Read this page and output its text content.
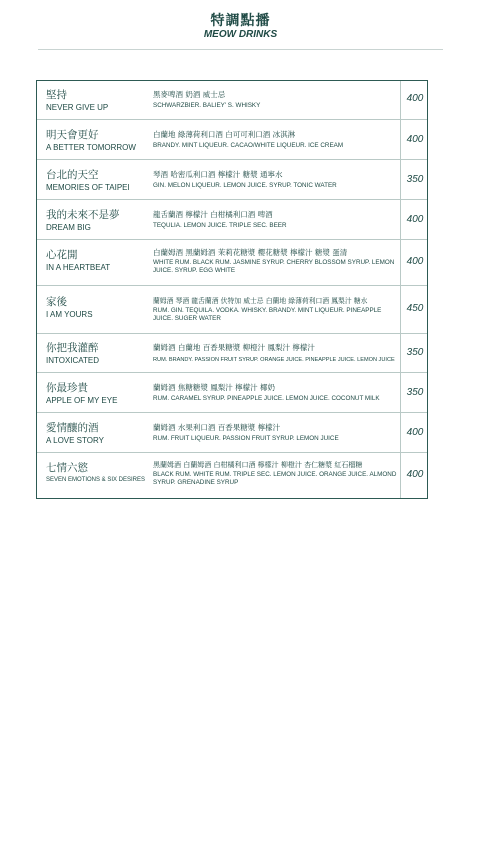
特調點播
MEOW DRINKS
堅持
NEVER GIVE UP
黑麥啤酒 奶酒 威士忌
SCHWARZBIER. BALIEY' S. WHISKY
400
明天會更好
A BETTER TOMORROW
白蘭地 綠薄荷利口酒 白可可利口酒 冰淇淋
BRANDY. MINT LIQUEUR. CACAO/WHITE LIQUEUR. ICE CREAM
400
台北的天空
MEMORIES OF TAIPEI
琴酒 哈密瓜利口酒 檸檬汁 糖漿 通寧水
GIN. MELON LIQUEUR. LEMON JUICE. SYRUP. TONIC WATER
350
我的未來不是夢
DREAM BIG
龍舌蘭酒 檸檬汁 白柑橘利口酒 啤酒
TEQULIA. LEMON JUICE. TRIPLE SEC. BEER
400
心花開
IN A HEARTBEAT
白蘭姆酒 黑蘭姆酒 茉莉花糖漿 櫻花糖漿 檸檬汁 糖漿 蛋清
WHITE RUM. BLACK RUM. JASMINE SYRUP. CHERRY BLOSSOM SYRUP. LEMON JUICE. SYRUP. EGG WHITE
400
家後
I AM YOURS
蘭姆酒 琴酒 龍舌蘭酒 伏特加 威士忌 白蘭地 綠薄荷利口酒 鳳梨汁 糖水
RUM. GIN. TEQUILA. VODKA. WHISKY. BRANDY. MINT LIQUEUR. PINEAPPLE JUICE. SUGER WATER
450
你把我灌醉
INTOXICATED
蘭姆酒 白蘭地 百香果糖漿 柳橙汁 鳳梨汁 檸檬汁
RUM. BRANDY. PASSION FRUIT SYRUP. ORANGE JUICE. PINEAPPLE JUICE. LEMON JUICE
350
你最珍貴
APPLE OF MY EYE
蘭姆酒 焦糖糖漿 鳳梨汁 檸檬汁 椰奶
RUM. CARAMEL SYRUP. PINEAPPLE JUICE. LEMON JUICE. COCONUT MILK
350
愛情釀的酒
A LOVE STORY
蘭姆酒 水果利口酒 百香果糖漿 檸檬汁
RUM. FRUIT LIQUEUR. PASSION FRUIT SYRUP. LEMON JUICE
400
七情六慾
SEVEN EMOTIONS & SIX DESIRES
黑蘭姆酒 白蘭姆酒 白柑橘利口酒 檸檬汁 柳橙汁 杏仁糖漿 紅石榴糖
BLACK RUM. WHITE RUM. TRIPLE SEC. LEMON JUICE. ORANGE JUICE. ALMOND SYRUP. GRENADINE SYRUP
400
